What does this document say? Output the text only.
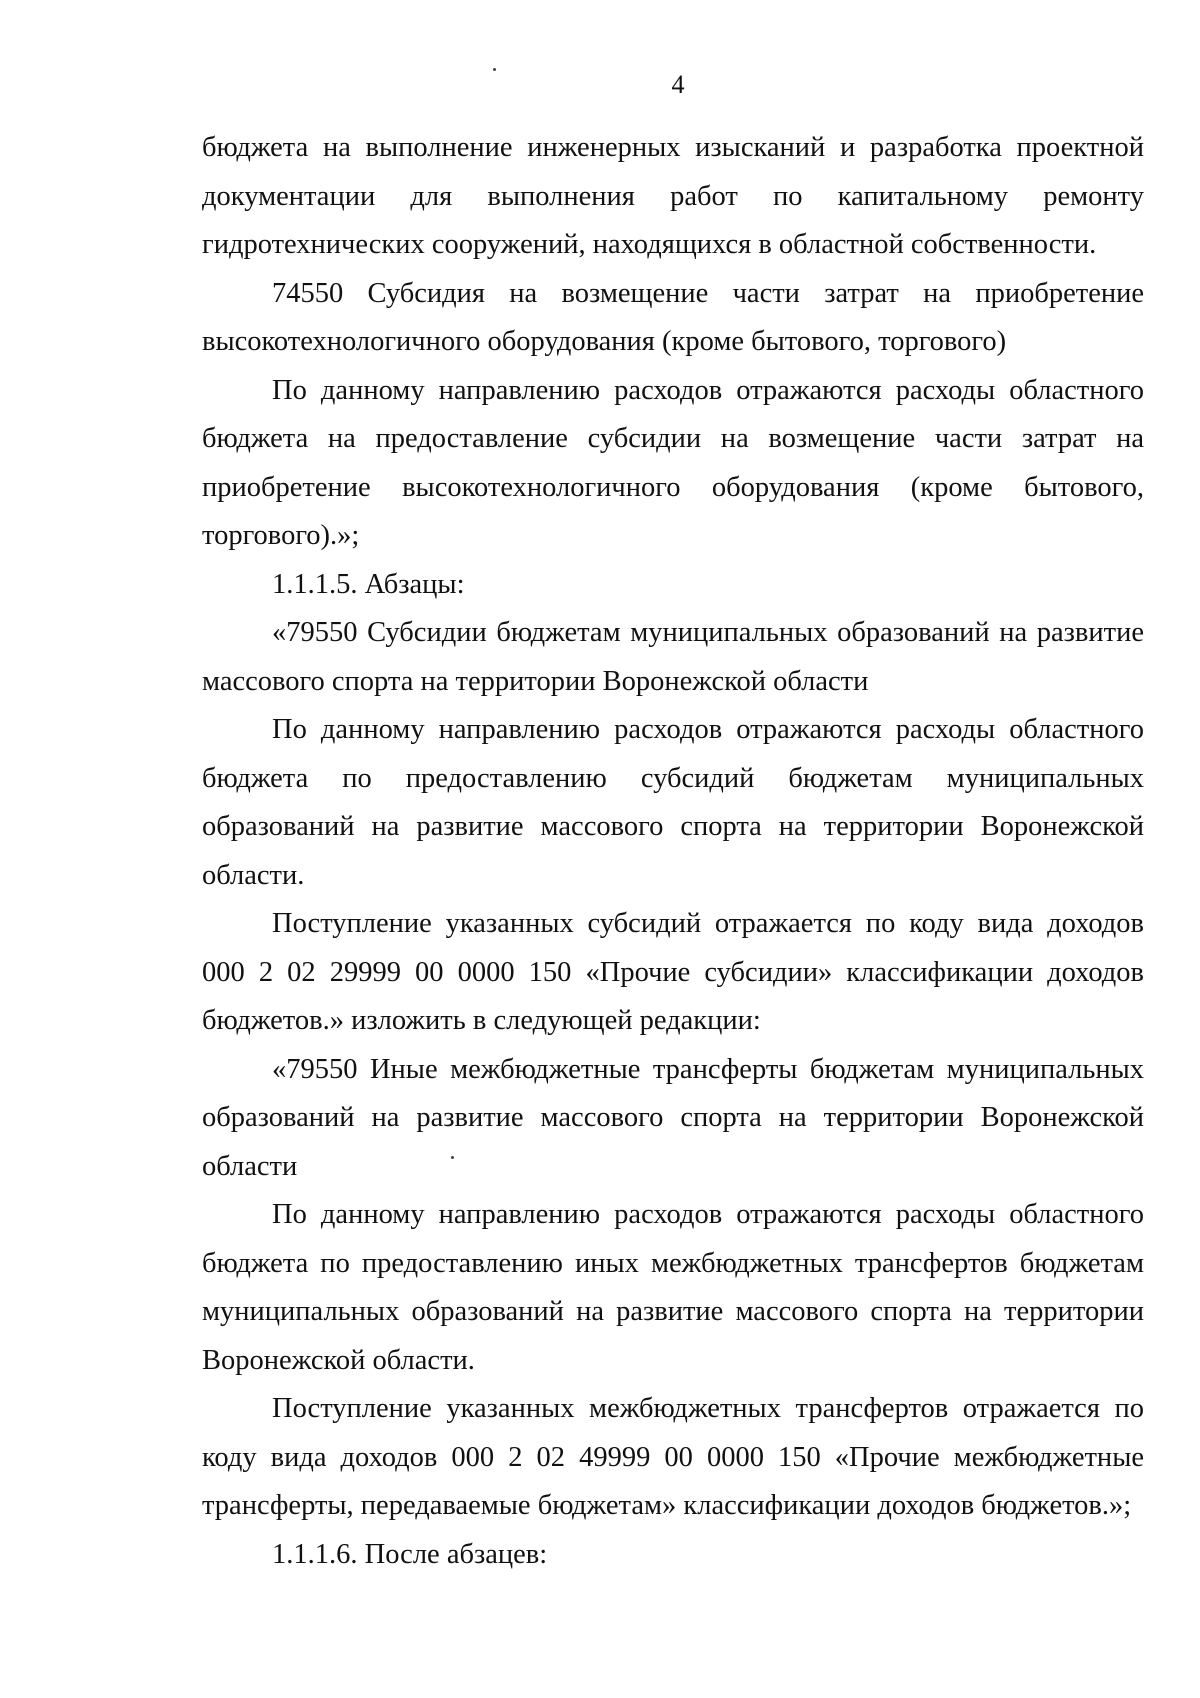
4

бюджета на выполнение инженерных изысканий и разработка проектной документации для выполнения работ по капитальному ремонту гидротехнических сооружений, находящихся в областной собственности.

74550 Субсидия на возмещение части затрат на приобретение высокотехнологичного оборудования (кроме бытового, торгового)

По данному направлению расходов отражаются расходы областного бюджета на предоставление субсидии на возмещение части затрат на приобретение высокотехнологичного оборудования (кроме бытового, торгового).»;

1.1.1.5. Абзацы:

«79550 Субсидии бюджетам муниципальных образований на развитие массового спорта на территории Воронежской области

По данному направлению расходов отражаются расходы областного бюджета по предоставлению субсидий бюджетам муниципальных образований на развитие массового спорта на территории Воронежской области.

Поступление указанных субсидий отражается по коду вида доходов 000 2 02 29999 00 0000 150 «Прочие субсидии» классификации доходов бюджетов.» изложить в следующей редакции:

«79550 Иные межбюджетные трансферты бюджетам муниципальных образований на развитие массового спорта на территории Воронежской области

По данному направлению расходов отражаются расходы областного бюджета по предоставлению иных межбюджетных трансфертов бюджетам муниципальных образований на развитие массового спорта на территории Воронежской области.

Поступление указанных межбюджетных трансфертов отражается по коду вида доходов 000 2 02 49999 00 0000 150 «Прочие межбюджетные трансферты, передаваемые бюджетам» классификации доходов бюджетов.»;

1.1.1.6. После абзацев:
